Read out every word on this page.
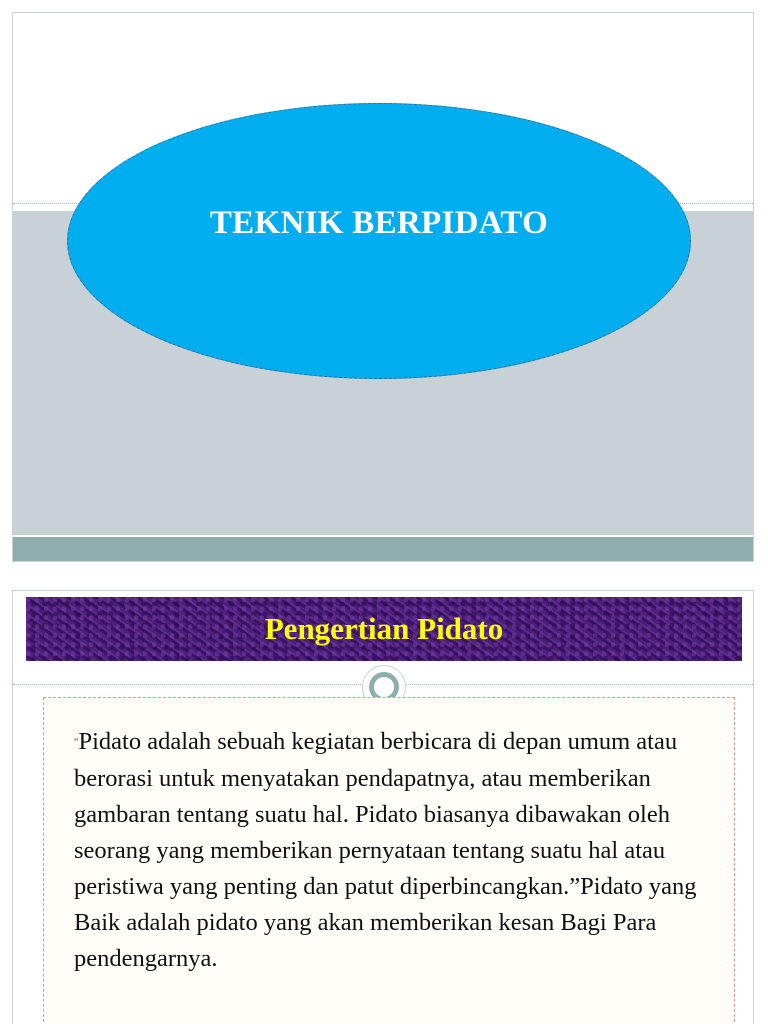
TEKNIK BERPIDATO
Pengertian Pidato

“Pidato adalah sebuah kegiatan berbicara di depan umum atau berorasi untuk menyatakan pendapatnya, atau memberikan gambaran tentang suatu hal. Pidato biasanya dibawakan oleh seorang yang memberikan pernyataan tentang suatu hal atau peristiwa yang penting dan patut diperbincangkan.”Pidato yang Baik adalah pidato yang akan memberikan kesan Bagi Para pendengarnya.
